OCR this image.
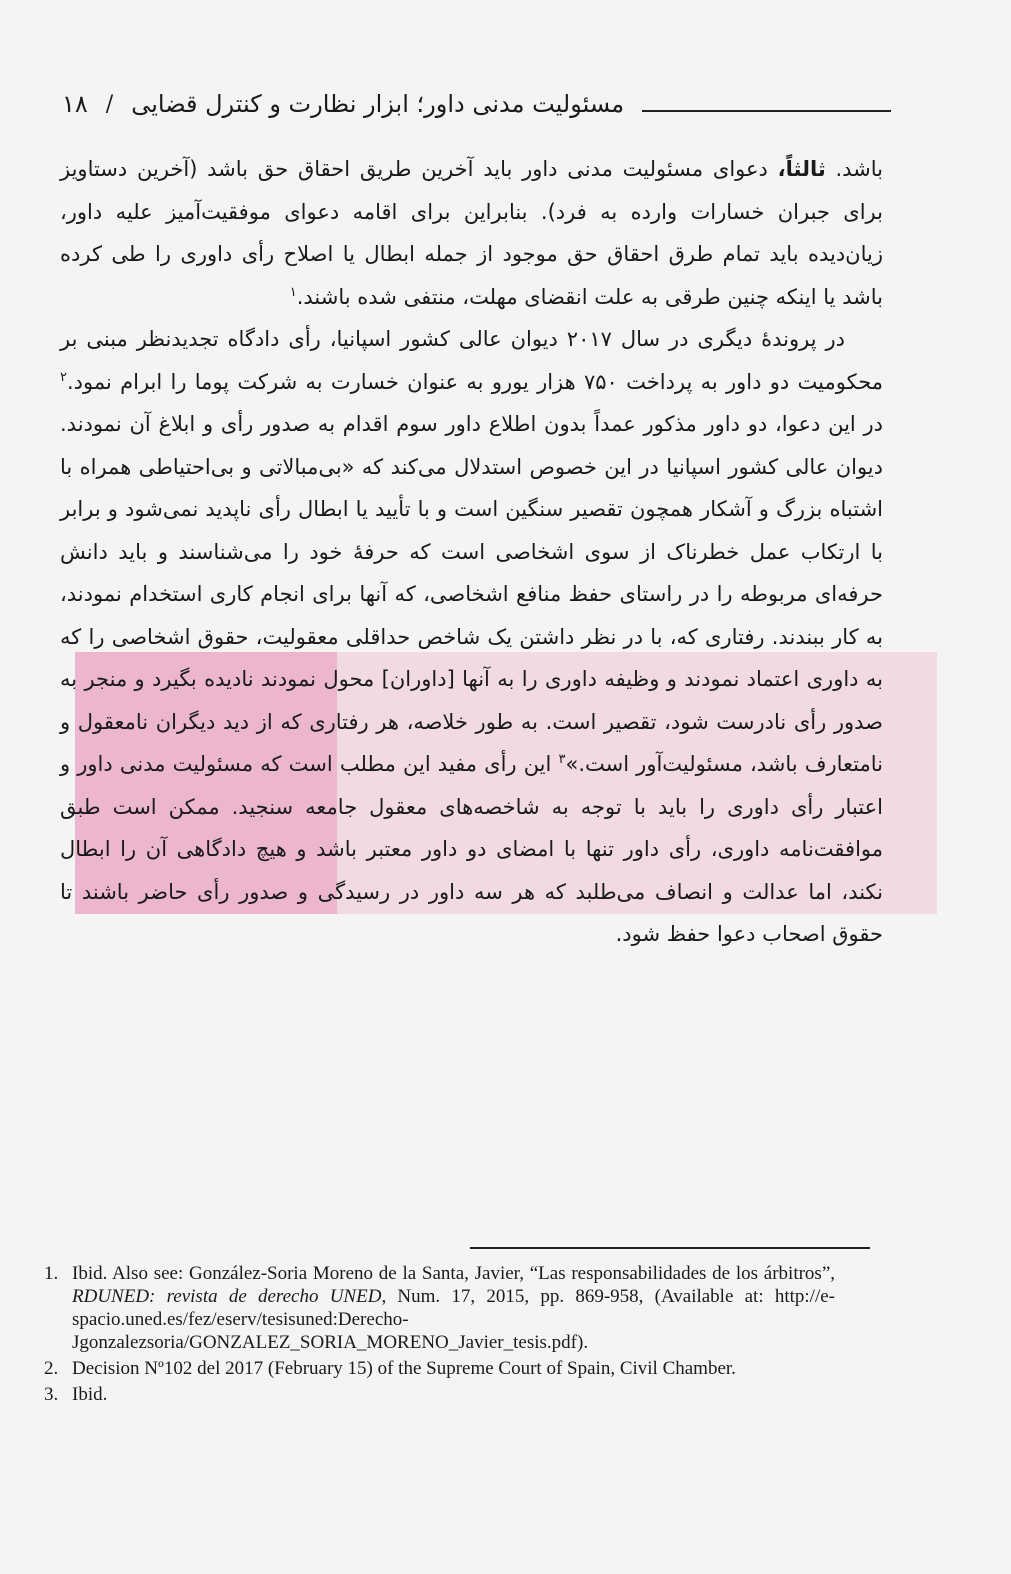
۱۸ / مسئولیت مدنی داور؛ ابزار نظارت و کنترل قضایی

باشد. ثالثاً، دعوای مسئولیت مدنی داور باید آخرین طریق احقاق حق باشد (آخرین دستاویز برای جبران خسارات وارده به فرد). بنابراین برای اقامه دعوای موفقیت‌آمیز علیه داور، زیان‌دیده باید تمام طرق احقاق حق موجود از جمله ابطال یا اصلاح رأی داوری را طی کرده باشد یا اینکه چنین طرقی به علت انقضای مهلت، منتفی شده باشند.$^۱$

در پروندهٔ دیگری در سال ۲۰۱۷ دیوان عالی کشور اسپانیا، رأی دادگاه تجدیدنظر مبنی بر محکومیت دو داور به پرداخت ۷۵۰ هزار یورو به عنوان خسارت به شرکت پوما را ابرام نمود.$^۲$ در این دعوا، دو داور مذکور عمداً بدون اطلاع داور سوم اقدام به صدور رأی و ابلاغ آن نمودند. دیوان عالی کشور اسپانیا در این خصوص استدلال می‌کند که «بی‌مبالاتی و بی‌احتیاطی همراه با اشتباه بزرگ و آشکار همچون تقصیر سنگین است و با تأیید یا ابطال رأی ناپدید نمی‌شود و برابر با ارتکاب عمل خطرناک از سوی اشخاصی است که حرفهٔ خود را می‌شناسند و باید دانش حرفه‌ای مربوطه را در راستای حفظ منافع اشخاصی، که آنها برای انجام کاری استخدام نمودند، به کار ببندند. رفتاری که، با در نظر داشتن یک شاخص حداقلی معقولیت، حقوق اشخاصی را که به داوری اعتماد نمودند و وظیفه داوری را به آنها [داوران] محول نمودند نادیده بگیرد و منجر به صدور رأی نادرست شود، تقصیر است. به طور خلاصه، هر رفتاری که از دید دیگران نامعقول و نامتعارف باشد، مسئولیت‌آور است.»$^۳$ این رأی مفید این مطلب است که مسئولیت مدنی داور و اعتبار رأی داوری را باید با توجه به شاخصه‌های معقول جامعه سنجید. ممکن است طبق موافقت‌نامه داوری، رأی داور تنها با امضای دو داور معتبر باشد و هیچ دادگاهی آن را ابطال نکند، اما عدالت و انصاف می‌طلبد که هر سه داور در رسیدگی و صدور رأی حاضر باشند تا حقوق اصحاب دعوا حفظ شود.

1. Ibid. Also see: González-Soria Moreno de la Santa, Javier, “Las responsabilidades de los árbitros”, RDUNED: revista de derecho UNED, Num. 17, 2015, pp. 869-958, (Available at: http://e-spacio.uned.es/fez/eserv/tesisuned:Derecho-Jgonzalezsoria/GONZALEZ_SORIA_MORENO_Javier_tesis.pdf).
2. Decision Nº102 del 2017 (February 15) of the Supreme Court of Spain, Civil Chamber.
3. Ibid.
